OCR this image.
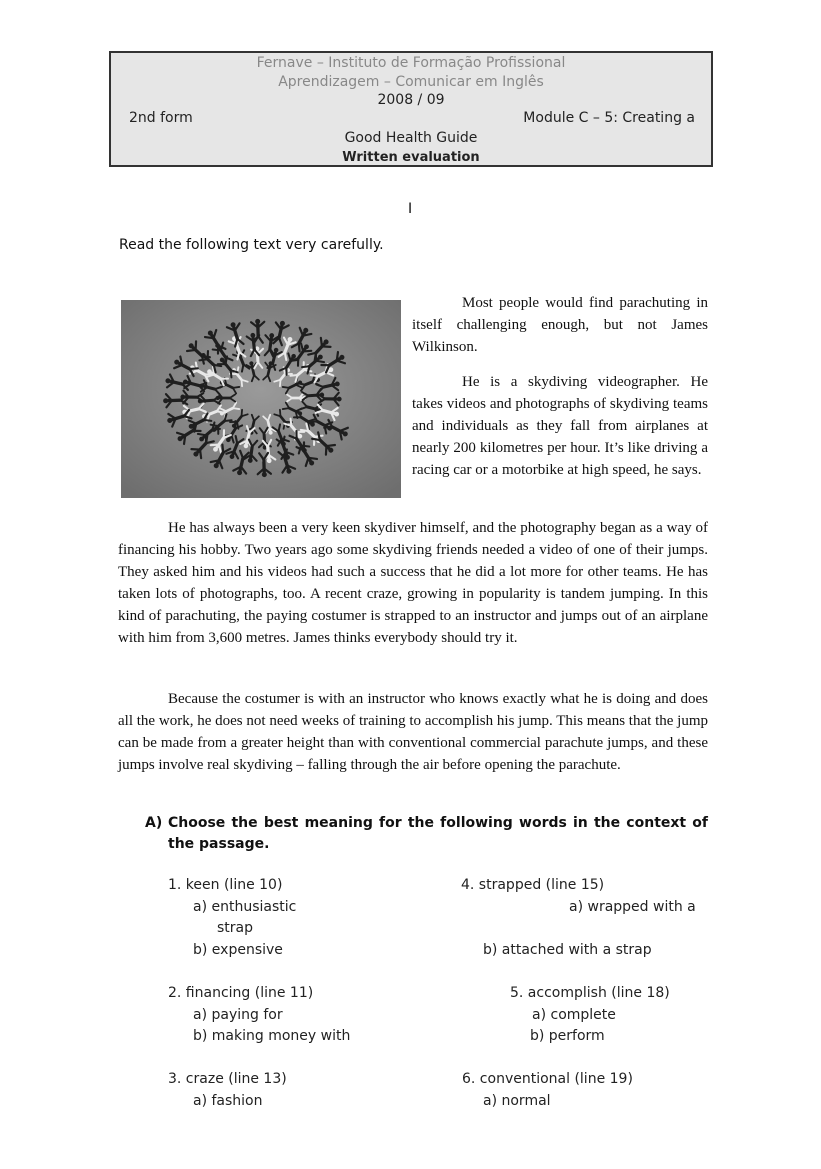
Fernave – Instituto de Formação Profissional
Aprendizagem – Comunicar em Inglês
2008 / 09
2nd form	Module C – 5: Creating a
Good Health Guide
Written evaluation
I
Read the following text very carefully.

Most people would find parachuting in itself challenging enough, but not James Wilkinson.

He is a skydiving videographer. He takes videos and photographs of skydiving teams and individuals as they fall from airplanes at nearly 200 kilometres per hour. It’s like driving a racing car or a motorbike at high speed, he says.

He has always been a very keen skydiver himself, and the photography began as a way of financing his hobby. Two years ago some skydiving friends needed a video of one of their jumps. They asked him and his videos had such a success that he did a lot more for other teams. He has taken lots of photographs, too. A recent craze, growing in popularity is tandem jumping. In this kind of parachuting, the paying costumer is strapped to an instructor and jumps out of an airplane with him from 3,600 metres. James thinks everybody should try it.

Because the costumer is with an instructor who knows exactly what he is doing and does all the work, he does not need weeks of training to accomplish his jump. This means that the jump can be made from a greater height than with conventional commercial parachute jumps, and these jumps involve real skydiving – falling through the air before opening the parachute.

A) Choose the best meaning for the following words in the context of the passage.
1. keen (line 10)
a) enthusiastic
strap
b) expensive
2. financing (line 11)
a) paying for
b) making money with
3. craze (line 13)
a) fashion
4. strapped (line 15)
a) wrapped with a
b) attached with a strap
5. accomplish (line 18)
a) complete
b) perform
6. conventional (line 19)
a) normal
